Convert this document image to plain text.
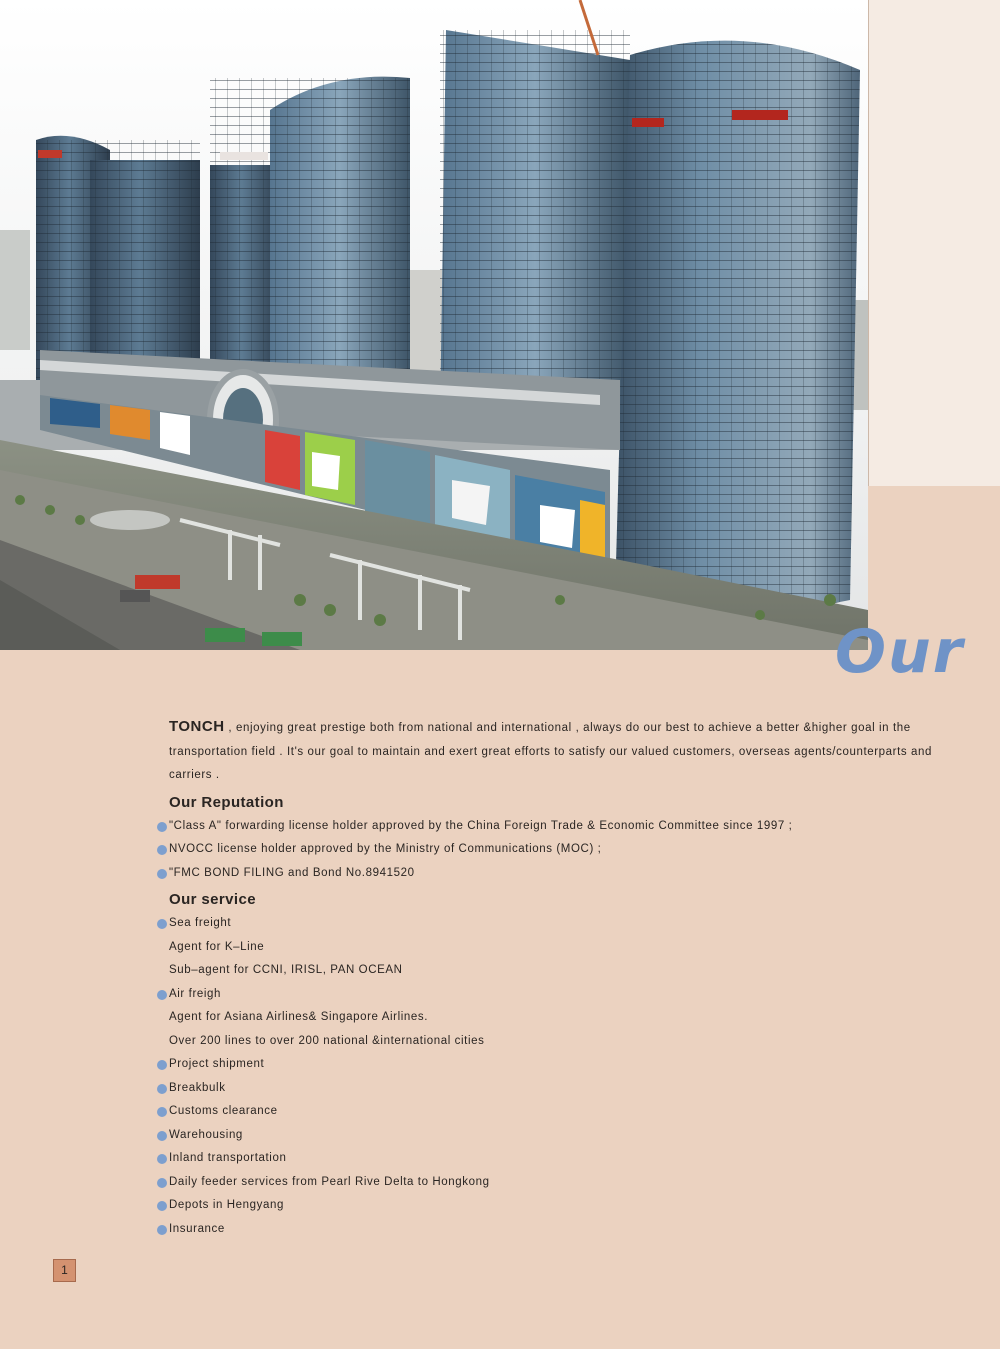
Our

TONCH , enjoying great prestige both from national and international , always do our best to achieve a better &higher goal in the transportation field . It's our goal to maintain and exert great efforts to satisfy our valued customers, overseas agents/counterparts and carriers .

Our Reputation
"Class A" forwarding license holder approved by the China Foreign Trade & Economic Committee since 1997 ;
NVOCC license holder approved by the Ministry of Communications (MOC) ;
"FMC BOND FILING and Bond No.8941520
Our service
Sea freight
Agent for K–Line
Sub–agent for CCNI, IRISL, PAN OCEAN
Air freigh
Agent for Asiana Airlines& Singapore Airlines.
Over 200 lines to over 200 national &international cities
Project shipment
Breakbulk
Customs clearance
Warehousing
Inland transportation
Daily feeder services from Pearl Rive Delta to Hongkong
Depots in Hengyang
Insurance
1
